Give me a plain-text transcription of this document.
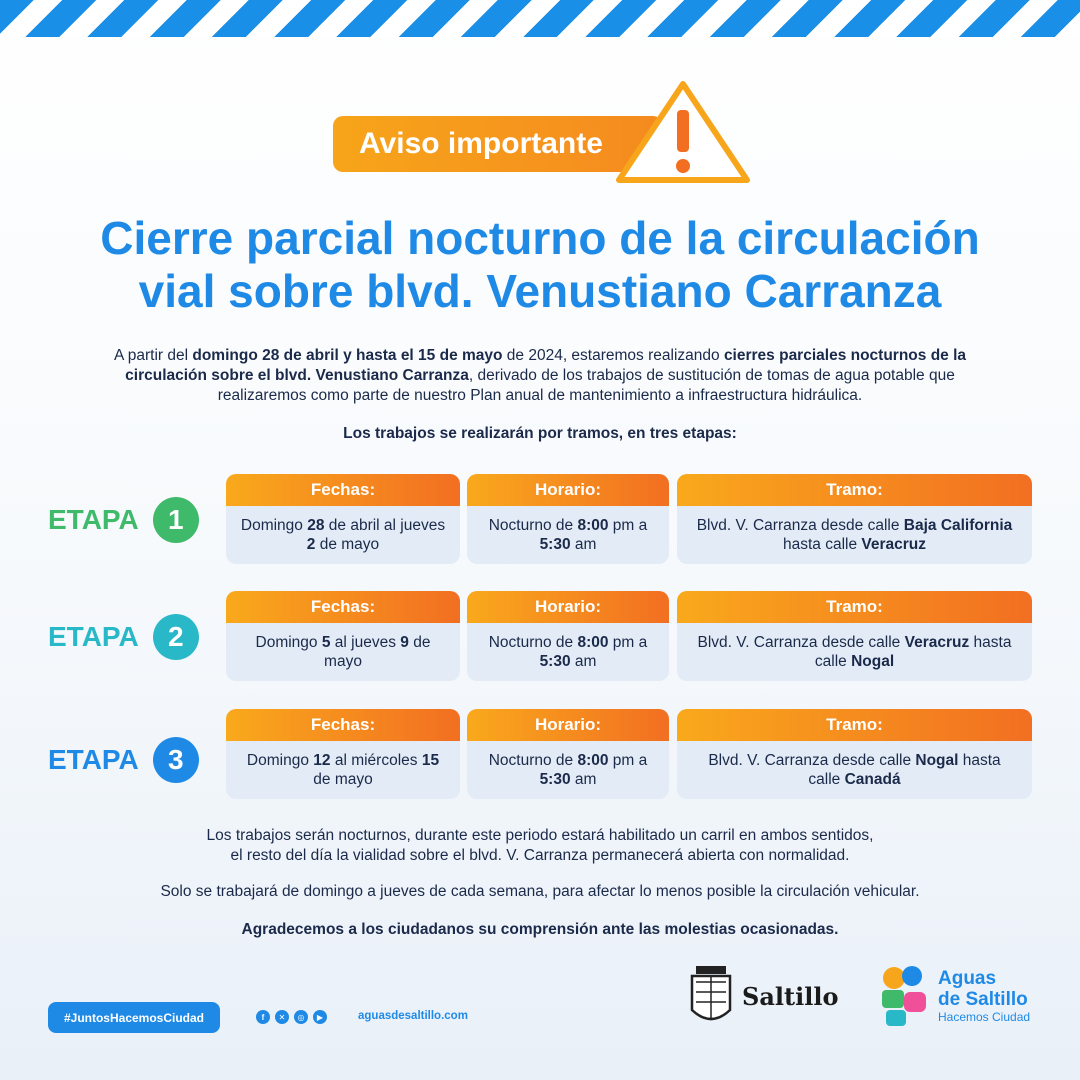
Aviso importante
Cierre parcial nocturno de la circulación
vial sobre blvd. Venustiano Carranza
A partir del domingo 28 de abril y hasta el 15 de mayo de 2024, estaremos realizando cierres parciales nocturnos de la circulación sobre el blvd. Venustiano Carranza, derivado de los trabajos de sustitución de tomas de agua potable que realizaremos como parte de nuestro Plan anual de mantenimiento a infraestructura hidráulica.
Los trabajos se realizarán por tramos, en tres etapas:
ETAPA	1
Fechas:
Domingo 28 de abril al jueves 2 de mayo
Horario:
Nocturno de 8:00 pm a 5:30 am
Tramo:
Blvd. V. Carranza desde calle Baja California hasta calle Veracruz
ETAPA	2
Fechas:
Domingo 5 al jueves 9 de mayo
Horario:
Nocturno de 8:00 pm a 5:30 am
Tramo:
Blvd. V. Carranza desde calle Veracruz hasta calle Nogal
ETAPA	3
Fechas:
Domingo 12 al miércoles 15 de mayo
Horario:
Nocturno de 8:00 pm a 5:30 am
Tramo:
Blvd. V. Carranza desde calle Nogal hasta calle Canadá
Los trabajos serán nocturnos, durante este periodo estará habilitado un carril en ambos sentidos,
el resto del día la vialidad sobre el blvd. V. Carranza permanecerá abierta con normalidad.
Solo se trabajará de domingo a jueves de cada semana, para afectar lo menos posible la circulación vehicular.
Agradecemos a los ciudadanos su comprensión ante las molestias ocasionadas.
#JuntosHacemosCiudad	f	✕	◎	▶	aguasdesaltillo.com
Saltillo
Aguas
de Saltillo
Hacemos Ciudad
